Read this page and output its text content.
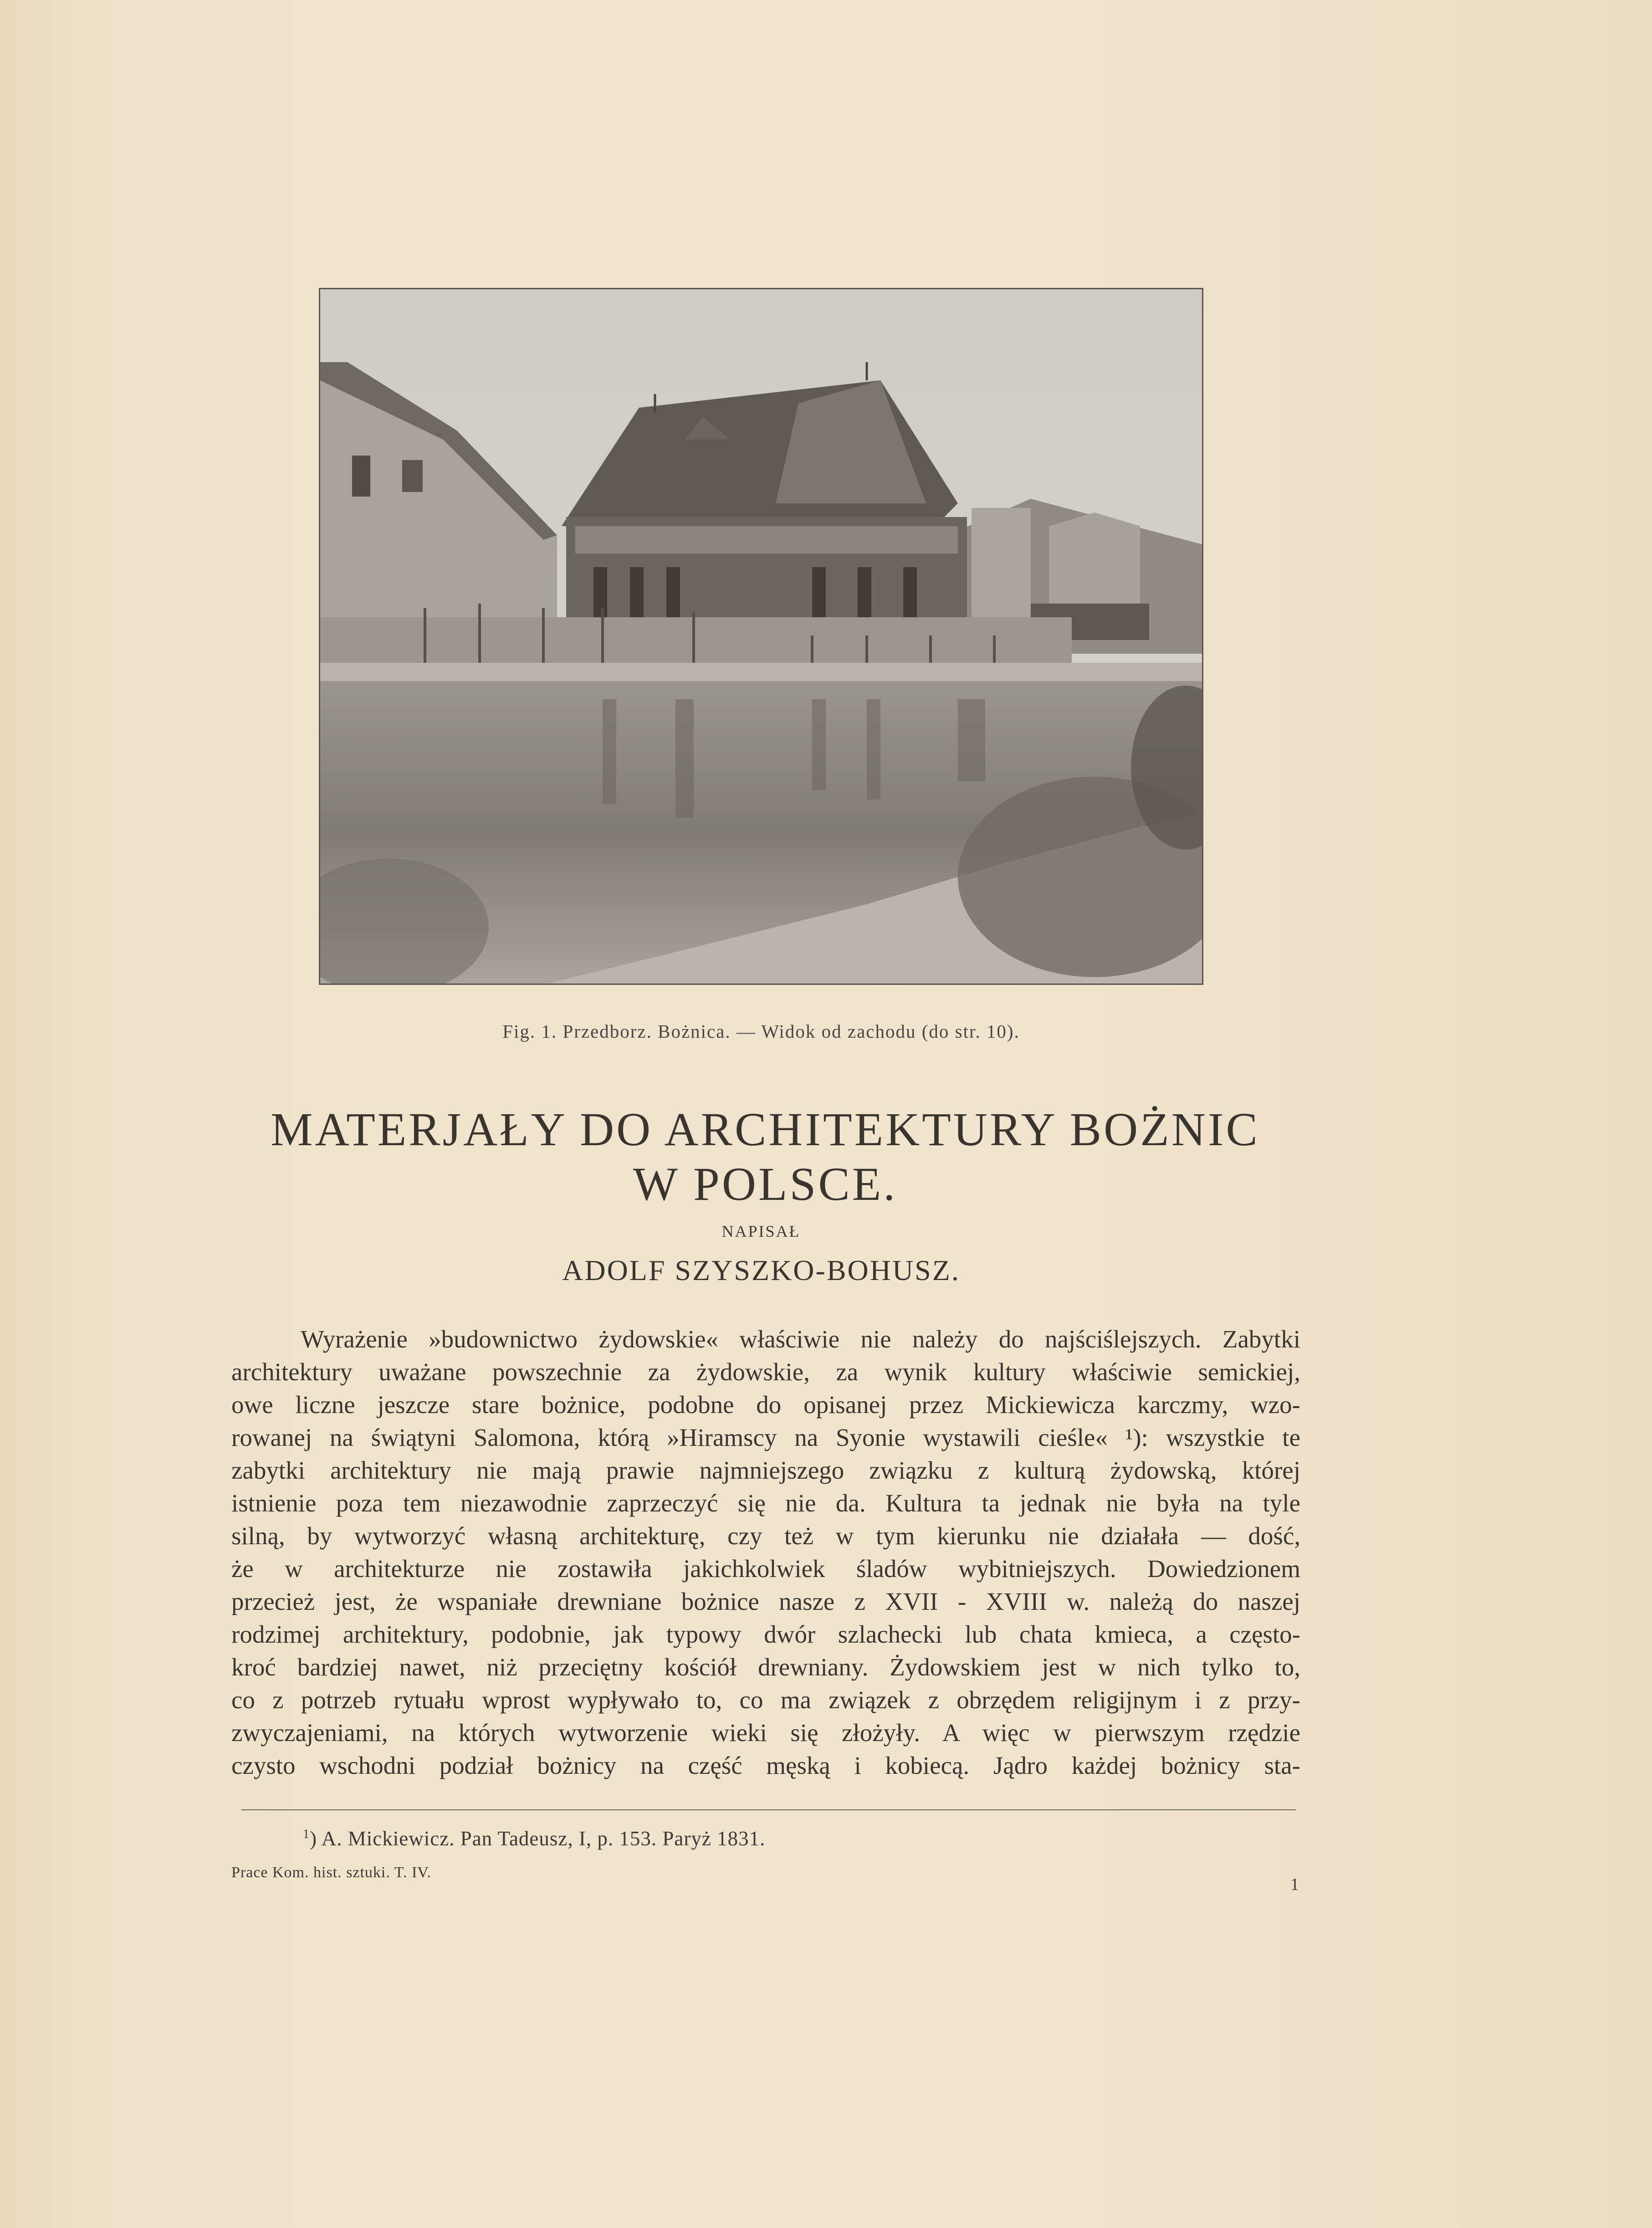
Fig. 1. Przedborz. Bożnica. — Widok od zachodu (do str. 10).
MATERJAŁY DO ARCHITEKTURY BOŻNIC
W POLSCE.
NAPISAŁ
ADOLF SZYSZKO-BOHUSZ.
Wyrażenie »budownictwo żydowskie« właściwie nie należy do najściślejszych. Zabytki
architektury uważane powszechnie za żydowskie, za wynik kultury właściwie semickiej,
owe liczne jeszcze stare bożnice, podobne do opisanej przez Mickiewicza karczmy, wzo-
rowanej na świątyni Salomona, którą »Hiramscy na Syonie wystawili cieśle« ¹): wszystkie te
zabytki architektury nie mają prawie najmniejszego związku z kulturą żydowską, której
istnienie poza tem niezawodnie zaprzeczyć się nie da. Kultura ta jednak nie była na tyle
silną, by wytworzyć własną architekturę, czy też w tym kierunku nie działała — dość,
że w architekturze nie zostawiła jakichkolwiek śladów wybitniejszych. Dowiedzionem
przecież jest, że wspaniałe drewniane bożnice nasze z XVII - XVIII w. należą do naszej
rodzimej architektury, podobnie, jak typowy dwór szlachecki lub chata kmieca, a często-
kroć bardziej nawet, niż przeciętny kościół drewniany. Żydowskiem jest w nich tylko to,
co z potrzeb rytuału wprost wypływało to, co ma związek z obrzędem religijnym i z przy-
zwyczajeniami, na których wytworzenie wieki się złożyły. A więc w pierwszym rzędzie
czysto wschodni podział bożnicy na część męską i kobiecą. Jądro każdej bożnicy sta-
$^1$) A. Mickiewicz. Pan Tadeusz, I, p. 153. Paryż 1831.
Prace Kom. hist. sztuki. T. IV.
1
